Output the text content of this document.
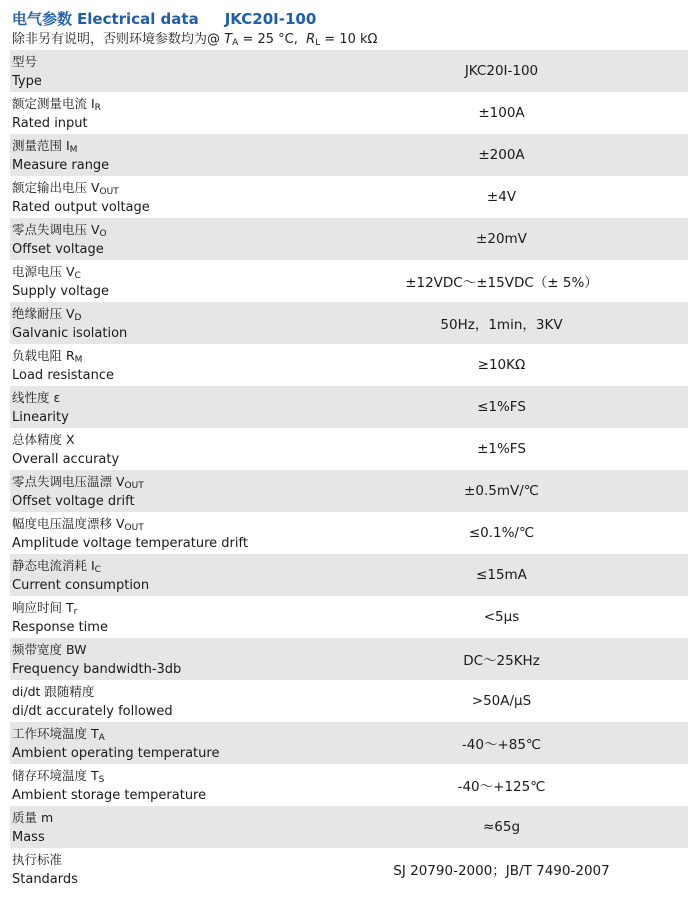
电气参数 Electrical data JKC20I-100
除非另有说明，否则环境参数均为@ $T_A = 25$ °C, $R_L = 10$ kΩ
型号
Type
JKC20I-100
额定测量电流 $I_R$
Rated input
±100A
测量范围 $I_M$
Measure range
±200A
额定输出电压 $V_{OUT}$
Rated output voltage
±4V
零点失调电压 $V_O$
Offset voltage
±20mV
电源电压 $V_C$
Supply voltage
±12VDC～±15VDC（± 5%）
绝缘耐压 $V_D$
Galvanic isolation
50Hz，1min，3KV
负载电阻 $R_M$
Load resistance
≥10KΩ
线性度 ε
Linearity
≤1%FS
总体精度 X
Overall accuraty
±1%FS
零点失调电压温漂 $V_{OUT}$
Offset voltage drift
±0.5mV/℃
幅度电压温度漂移 $V_{OUT}$
Amplitude voltage temperature drift
≤0.1%/℃
静态电流消耗 $I_C$
Current consumption
≤15mA
响应时间 $T_r$
Response time
<5μs
频带宽度 BW
Frequency bandwidth-3db
DC～25KHz
di/dt 跟随精度
di/dt accurately followed
>50A/μS
工作环境温度 $T_A$
Ambient operating temperature
-40～+85℃
储存环境温度 $T_S$
Ambient storage temperature
-40～+125℃
质量 m
Mass
≈65g
执行标准
Standards
SJ 20790-2000；JB/T 7490-2007
